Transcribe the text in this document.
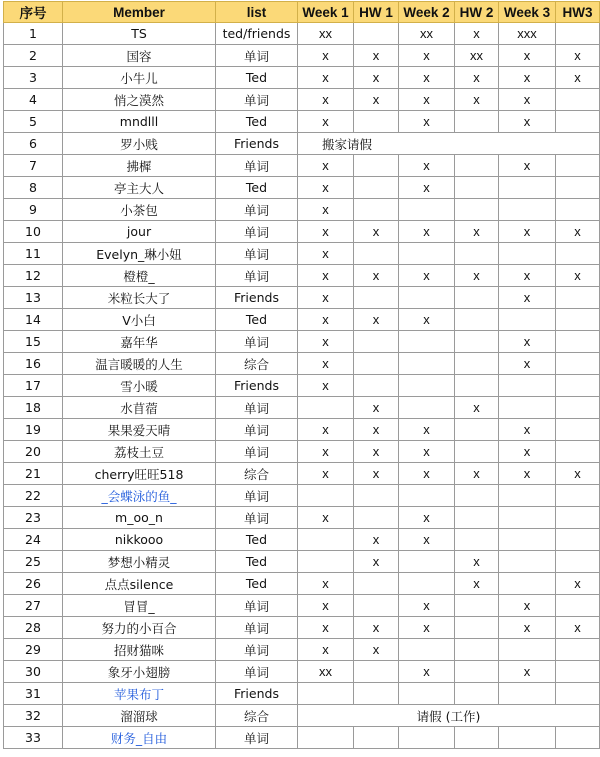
序号	Member	list	Week 1	HW 1	Week 2	HW 2	Week 3	HW3
1	TS	ted/friends	xx		xx	x	xxx	
2	国容	单词	x	x	x	xx	x	x
3	小牛儿	Ted	x	x	x	x	x	x
4	悄之漠然	单词	x	x	x	x	x	
5	mndlll	Ted	x		x		x	
6	罗小贱	Friends	搬家请假					
7	拂樨	单词	x		x		x	
8	亭主大人	Ted	x		x			
9	小茶包	单词	x					
10	jour	单词	x	x	x	x	x	x
11	Evelyn_琳小妞	单词	x					
12	橙橙_	单词	x	x	x	x	x	x
13	米粒长大了	Friends	x				x	
14	V小白	Ted	x	x	x			
15	嘉年华	单词	x				x	
16	温言暖暖的人生	综合	x				x	
17	雪小暖	Friends	x					
18	水苜蓿	单词		x		x		
19	果果爱天晴	单词	x	x	x		x	
20	荔枝土豆	单词	x	x	x		x	
21	cherry旺旺518	综合	x	x	x	x	x	x
22	_会蝶泳的鱼_	单词						
23	m_oo_n	单词	x		x			
24	nikkooo	Ted		x	x			
25	梦想小精灵	Ted		x		x		
26	点点silence	Ted	x			x		x
27	冒冒_	单词	x		x		x	
28	努力的小百合	单词	x	x	x		x	x
29	招财猫咪	单词	x	x				
30	象牙小翅膀	单词	xx		x		x	
31	苹果布丁	Friends						
32	溜溜球	综合	请假 (工作)					
33	财务_自由	单词						
